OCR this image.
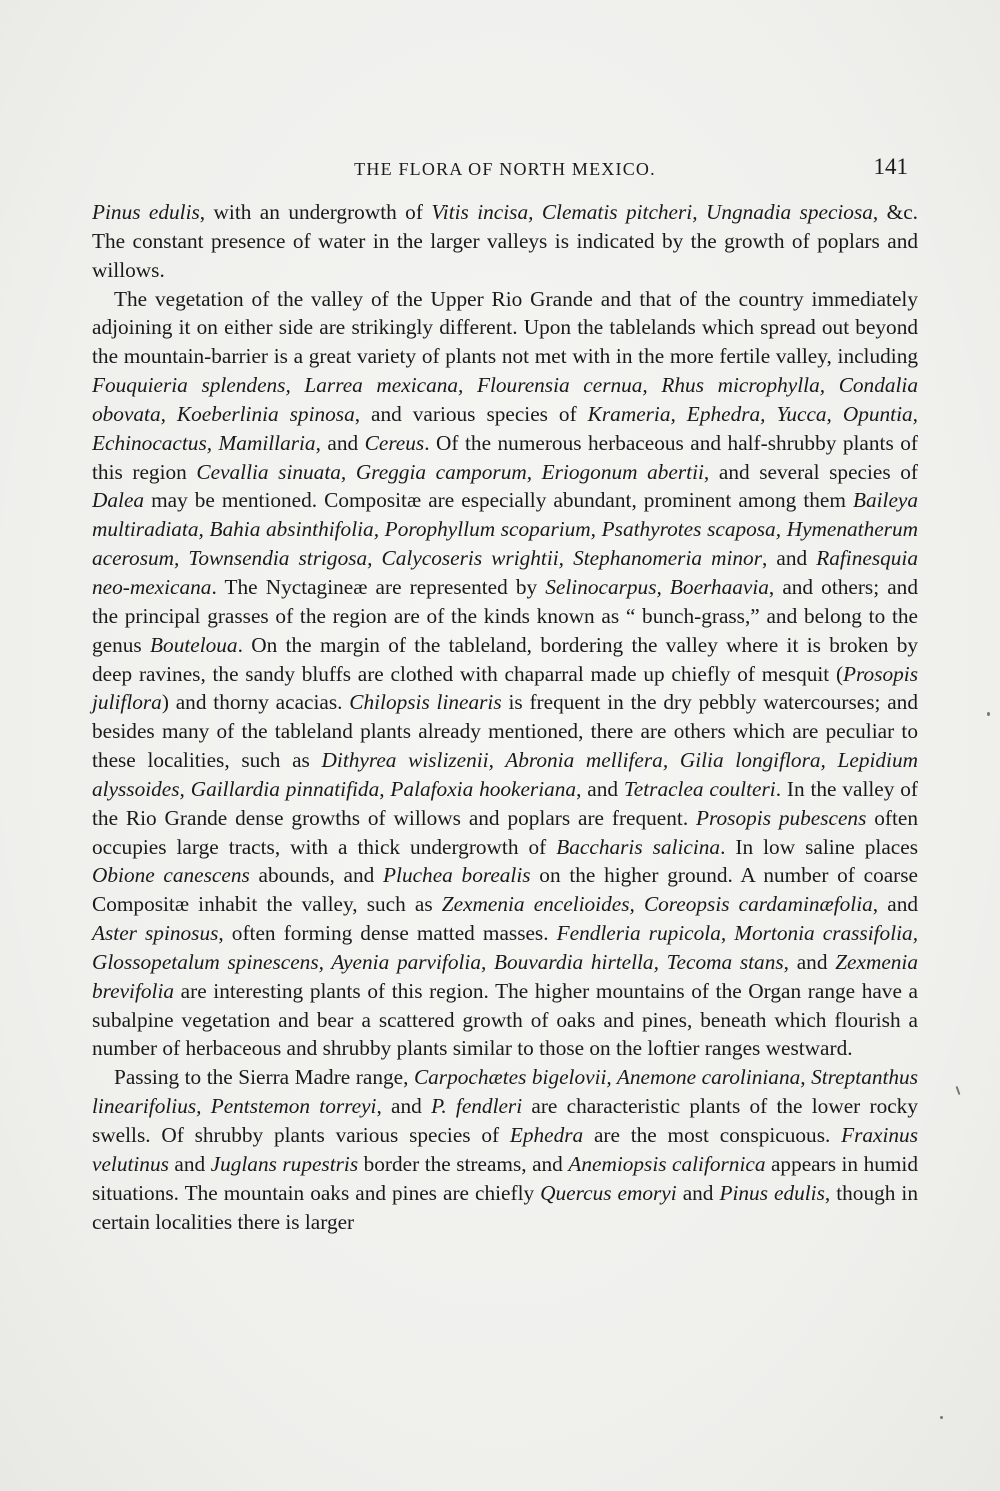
THE FLORA OF NORTH MEXICO.	141

Pinus edulis, with an undergrowth of Vitis incisa, Clematis pitcheri, Ungnadia speciosa, &c. The constant presence of water in the larger valleys is indicated by the growth of poplars and willows.

The vegetation of the valley of the Upper Rio Grande and that of the country immediately adjoining it on either side are strikingly different. Upon the tablelands which spread out beyond the mountain-barrier is a great variety of plants not met with in the more fertile valley, including Fouquieria splendens, Larrea mexicana, Flourensia cernua, Rhus microphylla, Condalia obovata, Koeberlinia spinosa, and various species of Krameria, Ephedra, Yucca, Opuntia, Echinocactus, Mamillaria, and Cereus. Of the numerous herbaceous and half-shrubby plants of this region Cevallia sinuata, Greggia camporum, Eriogonum abertii, and several species of Dalea may be mentioned. Compositæ are especially abundant, prominent among them Baileya multiradiata, Bahia absinthifolia, Porophyllum scoparium, Psathyrotes scaposa, Hymenatherum acerosum, Townsendia strigosa, Calycoseris wrightii, Stephanomeria minor, and Rafinesquia neo-mexicana. The Nyctagineæ are represented by Selinocarpus, Boerhaavia, and others; and the principal grasses of the region are of the kinds known as “ bunch-grass,” and belong to the genus Bouteloua. On the margin of the tableland, bordering the valley where it is broken by deep ravines, the sandy bluffs are clothed with chaparral made up chiefly of mesquit (Prosopis juliflora) and thorny acacias. Chilopsis linearis is frequent in the dry pebbly watercourses; and besides many of the tableland plants already mentioned, there are others which are peculiar to these localities, such as Dithyrea wislizenii, Abronia mellifera, Gilia longiflora, Lepidium alyssoides, Gaillardia pinnatifida, Palafoxia hookeriana, and Tetraclea coulteri. In the valley of the Rio Grande dense growths of willows and poplars are frequent. Prosopis pubescens often occupies large tracts, with a thick undergrowth of Baccharis salicina. In low saline places Obione canescens abounds, and Pluchea borealis on the higher ground. A number of coarse Compositæ inhabit the valley, such as Zexmenia encelioides, Coreopsis cardaminæfolia, and Aster spinosus, often forming dense matted masses. Fendleria rupicola, Mortonia crassifolia, Glossopetalum spinescens, Ayenia parvifolia, Bouvardia hirtella, Tecoma stans, and Zexmenia brevifolia are interesting plants of this region. The higher mountains of the Organ range have a subalpine vegetation and bear a scattered growth of oaks and pines, beneath which flourish a number of herbaceous and shrubby plants similar to those on the loftier ranges westward.

Passing to the Sierra Madre range, Carpochætes bigelovii, Anemone caroliniana, Streptanthus linearifolius, Pentstemon torreyi, and P. fendleri are characteristic plants of the lower rocky swells. Of shrubby plants various species of Ephedra are the most conspicuous. Fraxinus velutinus and Juglans rupestris border the streams, and Anemiopsis californica appears in humid situations. The mountain oaks and pines are chiefly Quercus emoryi and Pinus edulis, though in certain localities there is larger
